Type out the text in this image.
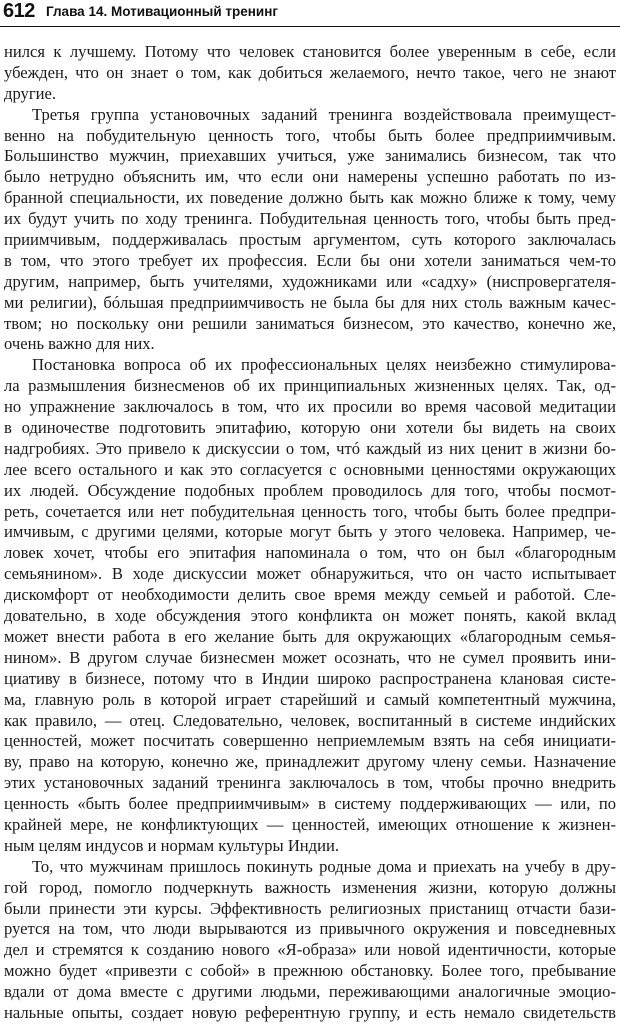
612 Глава 14. Мотивационный тренинг
нился к лучшему. Потому что человек становится более уверенным в себе, если
убежден, что он знает о том, как добиться желаемого, нечто такое, чего не знают
другие.
Третья группа установочных заданий тренинга воздействовала преимущест-
венно на побудительную ценность того, чтобы быть более предприимчивым.
Большинство мужчин, приехавших учиться, уже занимались бизнесом, так что
было нетрудно объяснить им, что если они намерены успешно работать по из-
бранной специальности, их поведение должно быть как можно ближе к тому, чему
их будут учить по ходу тренинга. Побудительная ценность того, чтобы быть пред-
приимчивым, поддерживалась простым аргументом, суть которого заключалась
в том, что этого требует их профессия. Если бы они хотели заниматься чем-то
другим, например, быть учителями, художниками или «садху» (ниспровергателя-
ми религии), бóльшая предприимчивость не была бы для них столь важным качес-
твом; но поскольку они решили заниматься бизнесом, это качество, конечно же,
очень важно для них.
Постановка вопроса об их профессиональных целях неизбежно стимулирова-
ла размышления бизнесменов об их принципиальных жизненных целях. Так, од-
но упражнение заключалось в том, что их просили во время часовой медитации
в одиночестве подготовить эпитафию, которую они хотели бы видеть на своих
надгробиях. Это привело к дискуссии о том, чтó каждый из них ценит в жизни бо-
лее всего остального и как это согласуется с основными ценностями окружающих
их людей. Обсуждение подобных проблем проводилось для того, чтобы посмот-
реть, сочетается или нет побудительная ценность того, чтобы быть более предпри-
имчивым, с другими целями, которые могут быть у этого человека. Например, че-
ловек хочет, чтобы его эпитафия напоминала о том, что он был «благородным
семьянином». В ходе дискуссии может обнаружиться, что он часто испытывает
дискомфорт от необходимости делить свое время между семьей и работой. Сле-
довательно, в ходе обсуждения этого конфликта он может понять, какой вклад
может внести работа в его желание быть для окружающих «благородным семья-
нином». В другом случае бизнесмен может осознать, что не сумел проявить ини-
циативу в бизнесе, потому что в Индии широко распространена клановая систе-
ма, главную роль в которой играет старейший и самый компетентный мужчина,
как правило, — отец. Следовательно, человек, воспитанный в системе индийских
ценностей, может посчитать совершенно неприемлемым взять на себя инициати-
ву, право на которую, конечно же, принадлежит другому члену семьи. Назначение
этих установочных заданий тренинга заключалось в том, чтобы прочно внедрить
ценность «быть более предприимчивым» в систему поддерживающих — или, по
крайней мере, не конфликтующих — ценностей, имеющих отношение к жизнен-
ным целям индусов и нормам культуры Индии.
То, что мужчинам пришлось покинуть родные дома и приехать на учебу в дру-
гой город, помогло подчеркнуть важность изменения жизни, которую должны
были принести эти курсы. Эффективность религиозных пристанищ отчасти бази-
руется на том, что люди вырываются из привычного окружения и повседневных
дел и стремятся к созданию нового «Я-образа» или новой идентичности, которые
можно будет «привезти с собой» в прежнюю обстановку. Более того, пребывание
вдали от дома вместе с другими людьми, переживающими аналогичные эмоцио-
нальные опыты, создает новую референтную группу, и есть немало свидетельств
